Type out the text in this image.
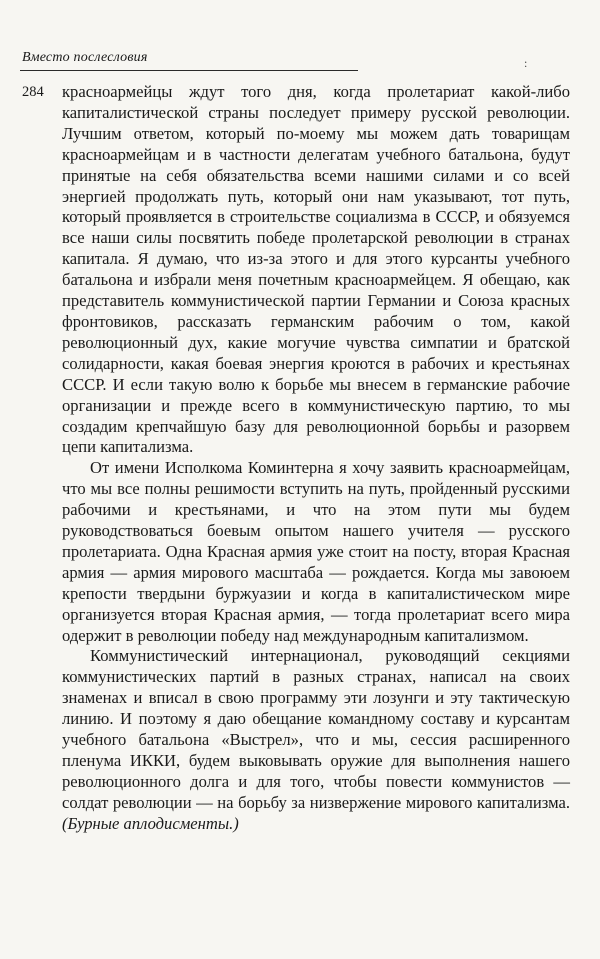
Вместо послесловия	:
284 красноармейцы ждут того дня, когда пролетариат какой-либо капиталистической страны последует примеру русской революции. Лучшим ответом, который по-моему мы можем дать товарищам красноармейцам и в частности делегатам учебного батальона, будут принятые на себя обязательства всеми нашими силами и со всей энергией продолжать путь, который они нам указывают, тот путь, который проявляется в строительстве социализма в СССР, и обязуемся все наши силы посвятить победе пролетарской революции в странах капитала. Я думаю, что из-за этого и для этого курсанты учебного батальона и избрали меня почетным красноармейцем. Я обещаю, как представитель коммунистической партии Германии и Союза красных фронтовиков, рассказать германским рабочим о том, какой революционный дух, какие могучие чувства симпатии и братской солидарности, какая боевая энергия кроются в рабочих и крестьянах СССР. И если такую волю к борьбе мы внесем в германские рабочие организации и прежде всего в коммунистическую партию, то мы создадим крепчайшую базу для революционной борьбы и разорвем цепи капитализма.

От имени Исполкома Коминтерна я хочу заявить красноармейцам, что мы все полны решимости вступить на путь, пройденный русскими рабочими и крестьянами, и что на этом пути мы будем руководствоваться боевым опытом нашего учителя — русского пролетариата. Одна Красная армия уже стоит на посту, вторая Красная армия — армия мирового масштаба — рождается. Когда мы завоюем крепости твердыни буржуазии и когда в капиталистическом мире организуется вторая Красная армия, — тогда пролетариат всего мира одержит в революции победу над международным капитализмом.

Коммунистический интернационал, руководящий секциями коммунистических партий в разных странах, написал на своих знаменах и вписал в свою программу эти лозунги и эту тактическую линию. И поэтому я даю обещание командному составу и курсантам учебного батальона «Выстрел», что и мы, сессия расширенного пленума ИККИ, будем выковывать оружие для выполнения нашего революционного долга и для того, чтобы повести коммунистов — солдат революции — на борьбу за низвержение мирового капитализма. (Бурные аплодисменты.)
